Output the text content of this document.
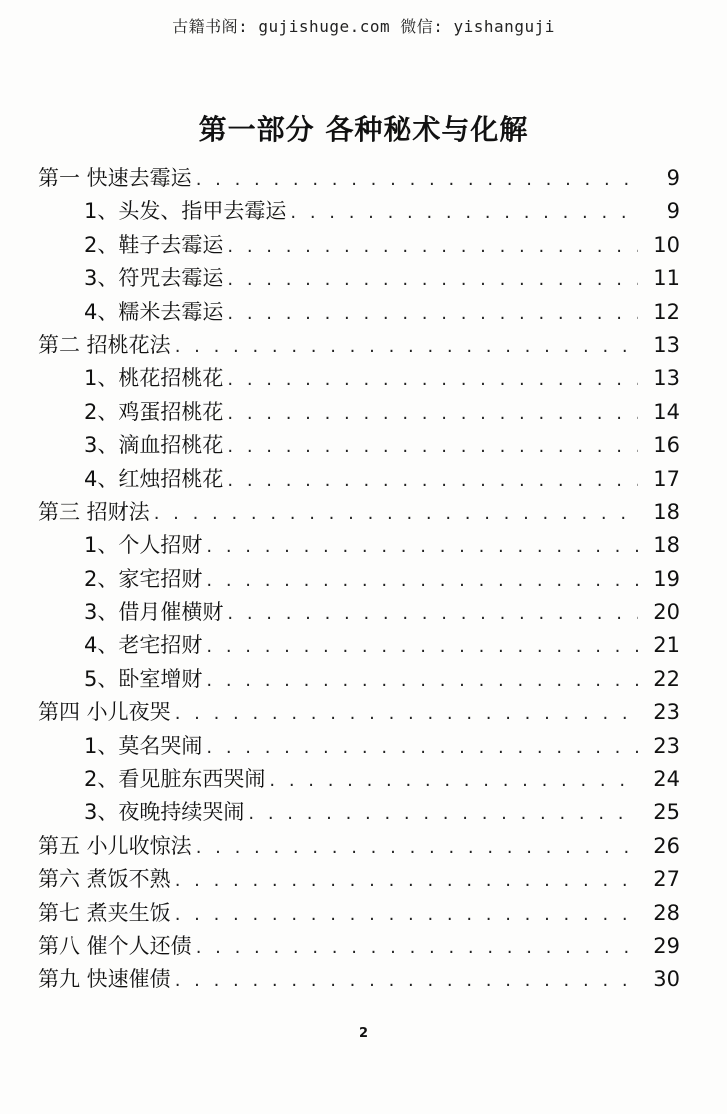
古籍书阁: gujishuge.com 微信: yishanguji
第一部分 各种秘术与化解
第一 快速去霉运 . . .	9
1、头发、指甲去霉运 . . .	9
2、鞋子去霉运 . . .	10
3、符咒去霉运 . . .	11
4、糯米去霉运 . . .	12
第二 招桃花法 . . .	13
1、桃花招桃花 . . .	13
2、鸡蛋招桃花 . . .	14
3、滴血招桃花 . . .	16
4、红烛招桃花 . . .	17
第三 招财法 . . .	18
1、个人招财 . . .	18
2、家宅招财 . . .	19
3、借月催横财 . . .	20
4、老宅招财 . . .	21
5、卧室增财 . . .	22
第四 小儿夜哭 . . .	23
1、莫名哭闹 . . .	23
2、看见脏东西哭闹 . . .	24
3、夜晚持续哭闹 . . .	25
第五 小儿收惊法 . . .	26
第六 煮饭不熟 . . .	27
第七 煮夹生饭 . . .	28
第八 催个人还债 . . .	29
第九 快速催债 . . .	30
2
